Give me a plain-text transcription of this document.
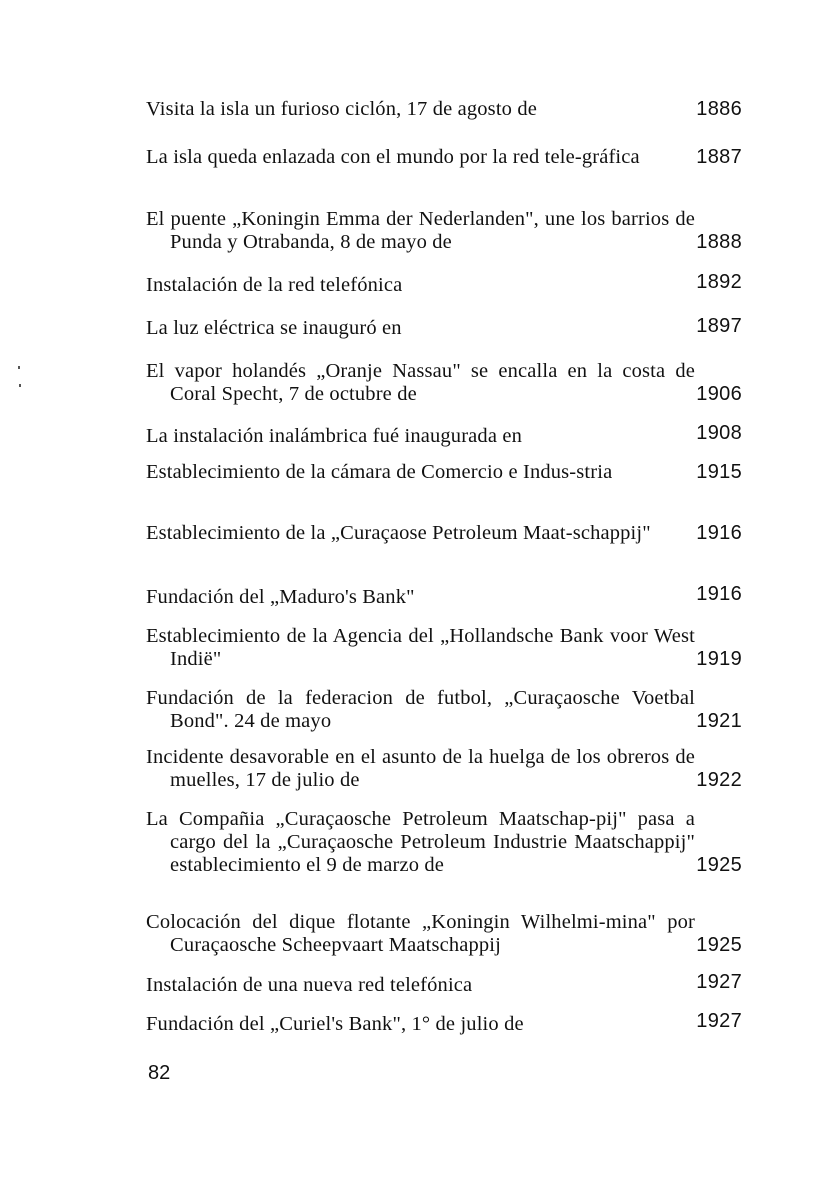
Visita la isla un furioso ciclón, 17 de agosto de	1886
La isla queda enlazada con el mundo por la red tele-gráfica	1887
El puente „Koningin Emma der Nederlanden", une los barrios de Punda y Otrabanda, 8 de mayo de	1888
Instalación de la red telefónica	1892
La luz eléctrica se inauguró en	1897
El vapor holandés „Oranje Nassau" se encalla en la costa de Coral Specht, 7 de octubre de	1906
La instalación inalámbrica fué inaugurada en	1908
Establecimiento de la cámara de Comercio e Indus-stria	1915
Establecimiento de la „Curaçaose Petroleum Maat-schappij"	1916
Fundación del „Maduro's Bank"	1916
Establecimiento de la Agencia del „Hollandsche Bank voor West Indië"	1919
Fundación de la federacion de futbol, „Curaçaosche Voetbal Bond". 24 de mayo	1921
Incidente desavorable en el asunto de la huelga de los obreros de muelles, 17 de julio de	1922
La Compañia „Curaçaosche Petroleum Maatschap-pij" pasa a cargo del la „Curaçaosche Petroleum Industrie Maatschappij" establecimiento el 9 de marzo de	1925
Colocación del dique flotante „Koningin Wilhelmi-mina" por Curaçaosche Scheepvaart Maatschappij	1925
Instalación de una nueva red telefónica	1927
Fundación del „Curiel's Bank", 1° de julio de	1927
82
